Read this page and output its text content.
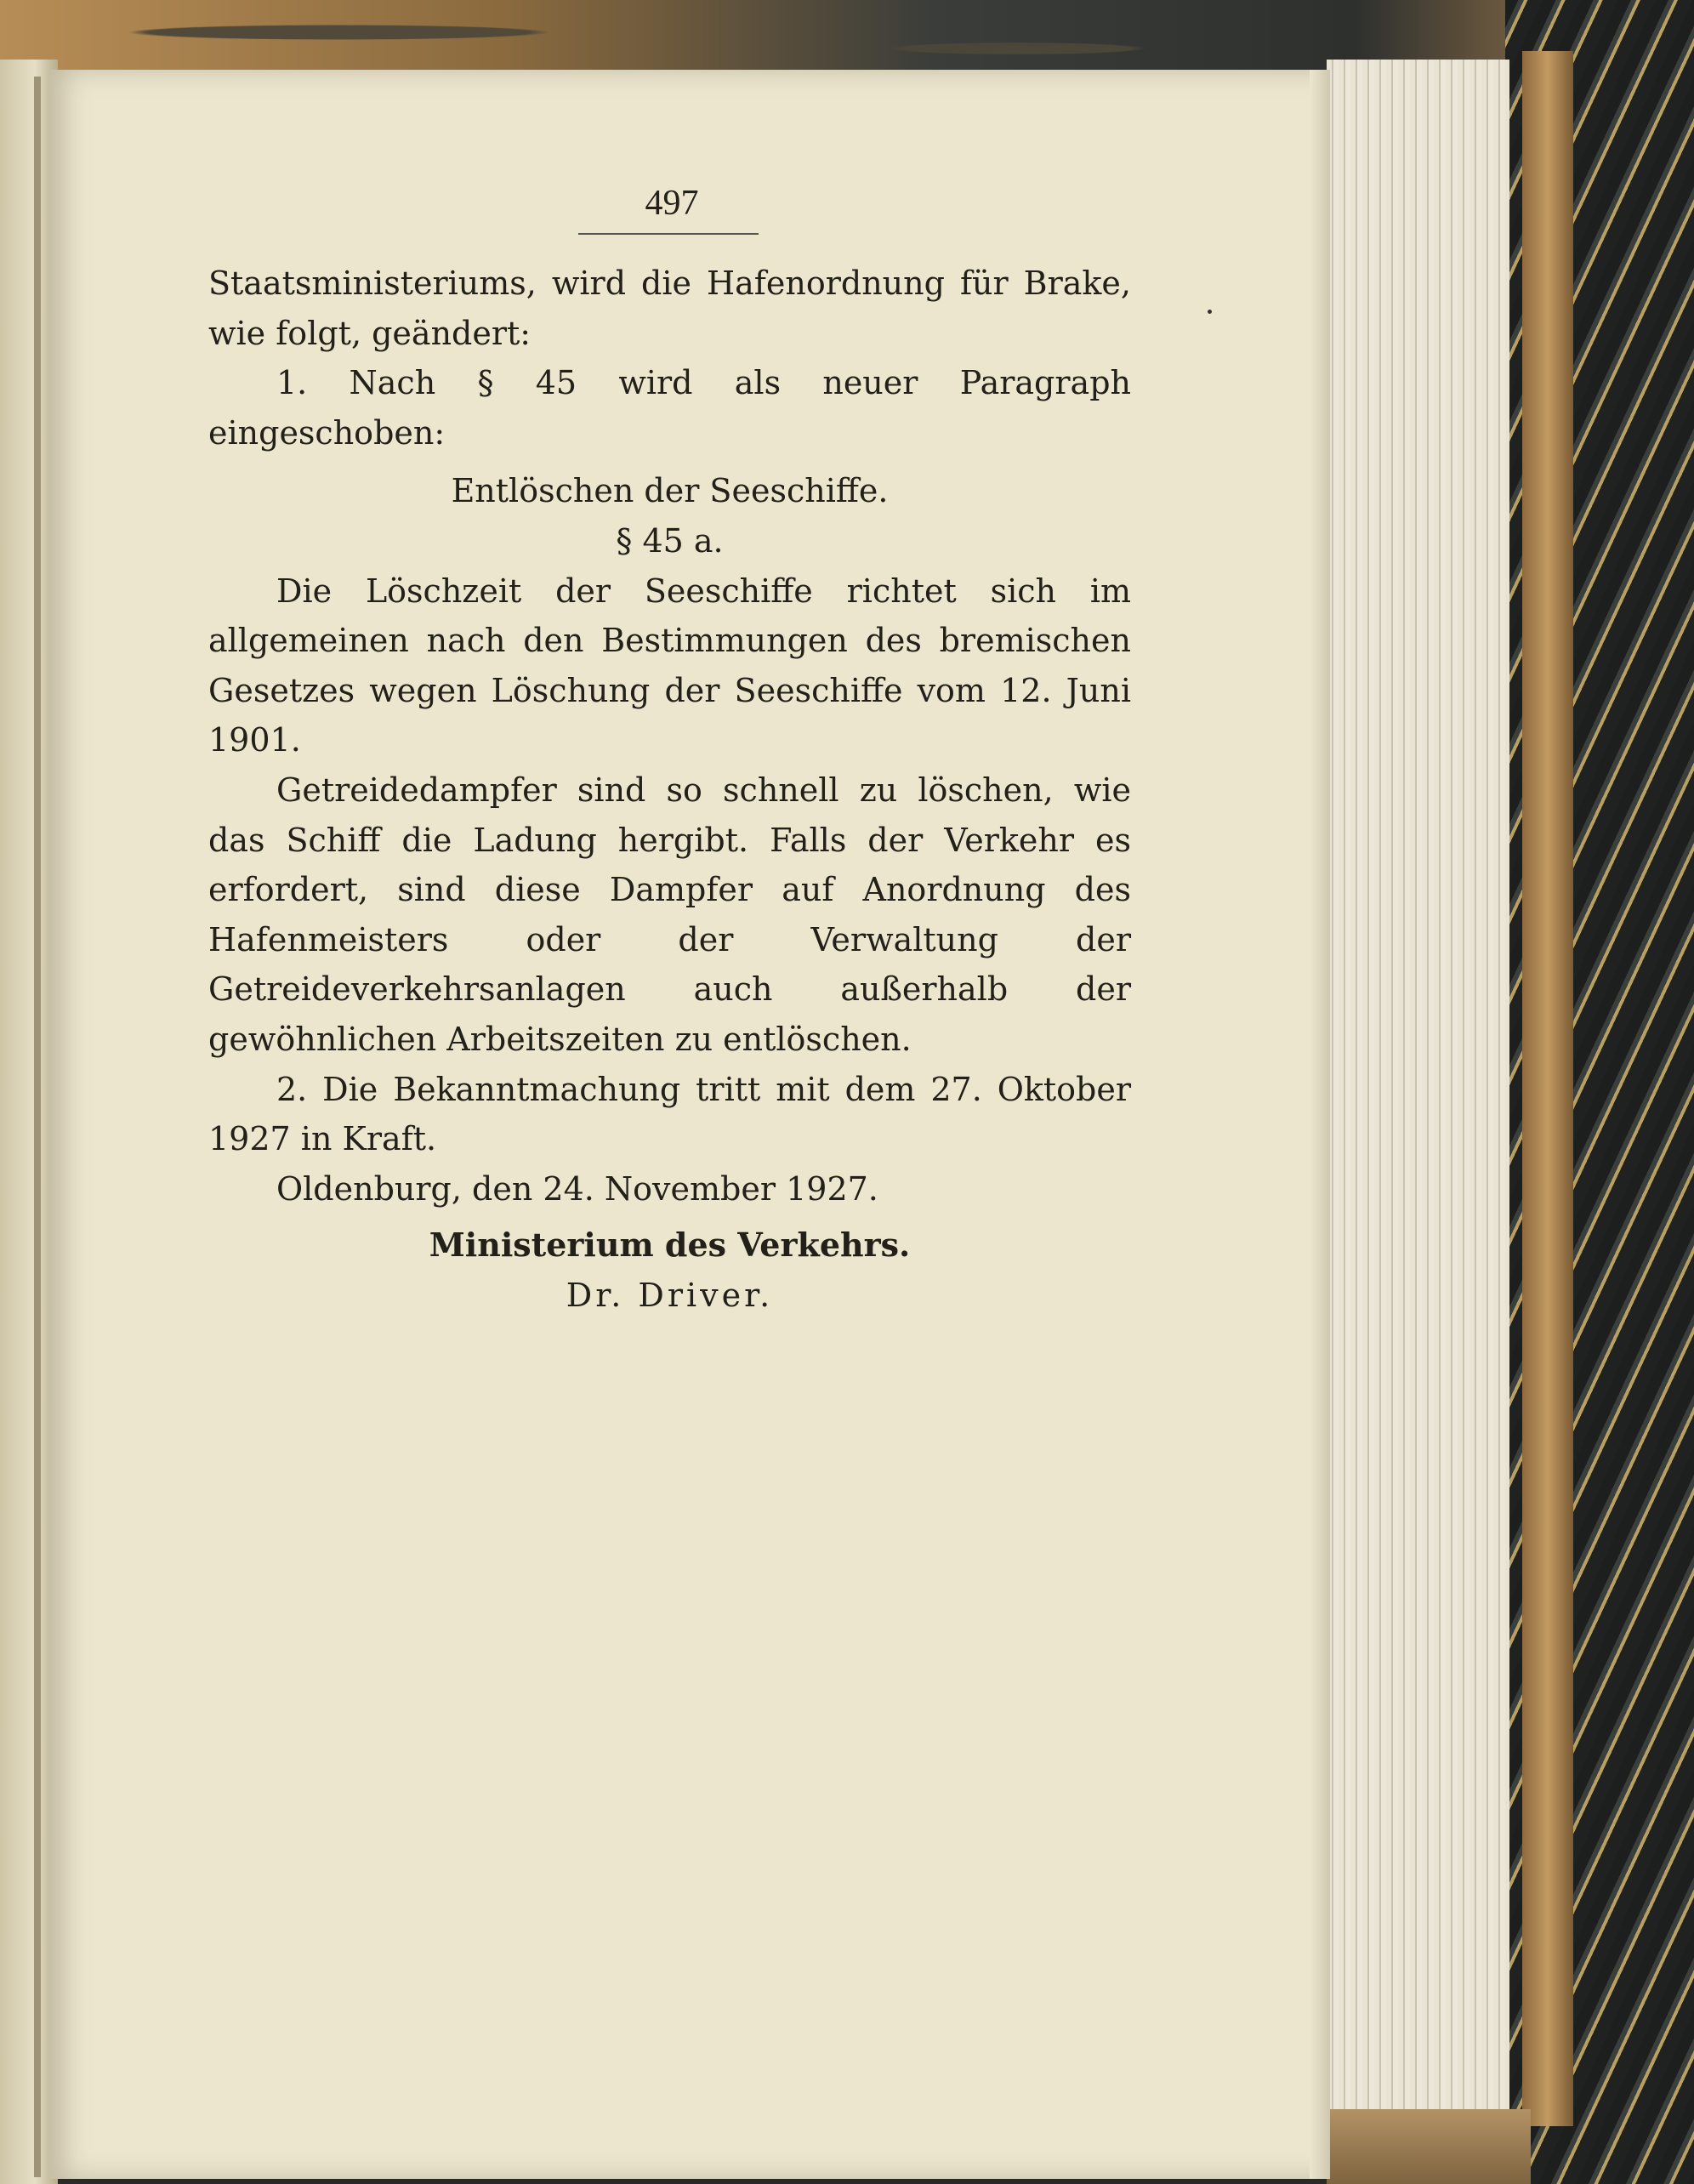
497

Staatsministeriums, wird die Hafenordnung für Brake, wie folgt, geändert:

1. Nach § 45 wird als neuer Paragraph eingeschoben:

Entlöschen der Seeschiffe.

§ 45 a.

Die Löschzeit der Seeschiffe richtet sich im allgemeinen nach den Bestimmungen des bremischen Gesetzes wegen Löschung der Seeschiffe vom 12. Juni 1901.

Getreidedampfer sind so schnell zu löschen, wie das Schiff die Ladung hergibt. Falls der Verkehr es erfordert, sind diese Dampfer auf Anordnung des Hafenmeisters oder der Verwaltung der Getreideverkehrsanlagen auch außerhalb der gewöhnlichen Arbeitszeiten zu entlöschen.

2. Die Bekanntmachung tritt mit dem 27. Oktober 1927 in Kraft.

Oldenburg, den 24. November 1927.

Ministerium des Verkehrs.

Dr. Driver.
